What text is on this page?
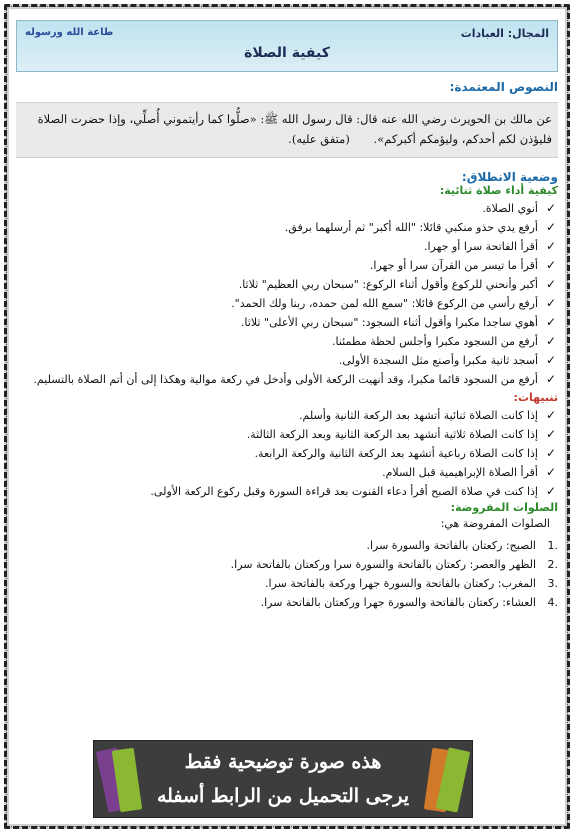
المجال: العبادات
طاعة الله ورسوله
كيفية الصلاة
النصوص المعتمدة:
عن مالك بن الحويرث رضي الله عنه قال: قال رسول الله ﷺ: «صلُّوا كما رأيتموني أُصلِّي، وإذا حضرت الصلاة فليؤذن لكم أحدكم، وليؤمكم أكبركم». (متفق عليه).
وضعية الانطلاق:
كيفية أداء صلاة ثنائية:
✓ أنوي الصلاة.
✓ أرفع يدي حذو منكبي قائلا: "الله أكبر" ثم أرسلهما برفق.
✓ أقرأ الفاتحة سرا أو جهرا.
✓ أقرأ ما تيسر من القرآن سرا أو جهرا.
✓ أكبر وأنحني للركوع وأقول أثناء الركوع: "سبحان ربي العظيم" ثلاثا.
✓ أرفع رأسي من الركوع قائلا: "سمع الله لمن حمده، ربنا ولك الحمد".
✓ أهوي ساجدا مكبرا وأقول أثناء السجود: "سبحان ربي الأعلى" ثلاثا.
✓ أرفع من السجود مكبرا وأجلس لحظة مطمئنا.
✓ أسجد ثانية مكبرا وأصنع مثل السجدة الأولى.
✓ أرفع من السجود قائما مكبرا، وقد أنهيت الركعة الأولى وأدخل في ركعة موالية وهكذا إلى أن أتم الصلاة بالتسليم.
تنبيهات:
✓ إذا كانت الصلاة ثنائية أتشهد بعد الركعة الثانية وأسلم.
✓ إذا كانت الصلاة ثلاثية أتشهد بعد الركعة الثانية وبعد الركعة الثالثة.
✓ إذا كانت الصلاة رباعية أتشهد بعد الركعة الثانية والركعة الرابعة.
✓ أقرأ الصلاة الإبراهيمية قبل السلام.
✓ إذا كنت في صلاة الصبح أقرأ دعاء القنوت بعد قراءة السورة وقبل ركوع الركعة الأولى.
الصلوات المفروضة:
الصلوات المفروضة هي:
1.
الصبح: ركعتان بالفاتحة والسورة سرا.
2.
الظهر والعصر: ركعتان بالفاتحة والسورة سرا وركعتان بالفاتحة سرا.
3.
المغرب: ركعتان بالفاتحة والسورة جهرا وركعة بالفاتحة سرا.
4.
العشاء: ركعتان بالفاتحة والسورة جهرا وركعتان بالفاتحة سرا.
هذه صورة توضيحية فقط
يرجى التحميل من الرابط أسفله
